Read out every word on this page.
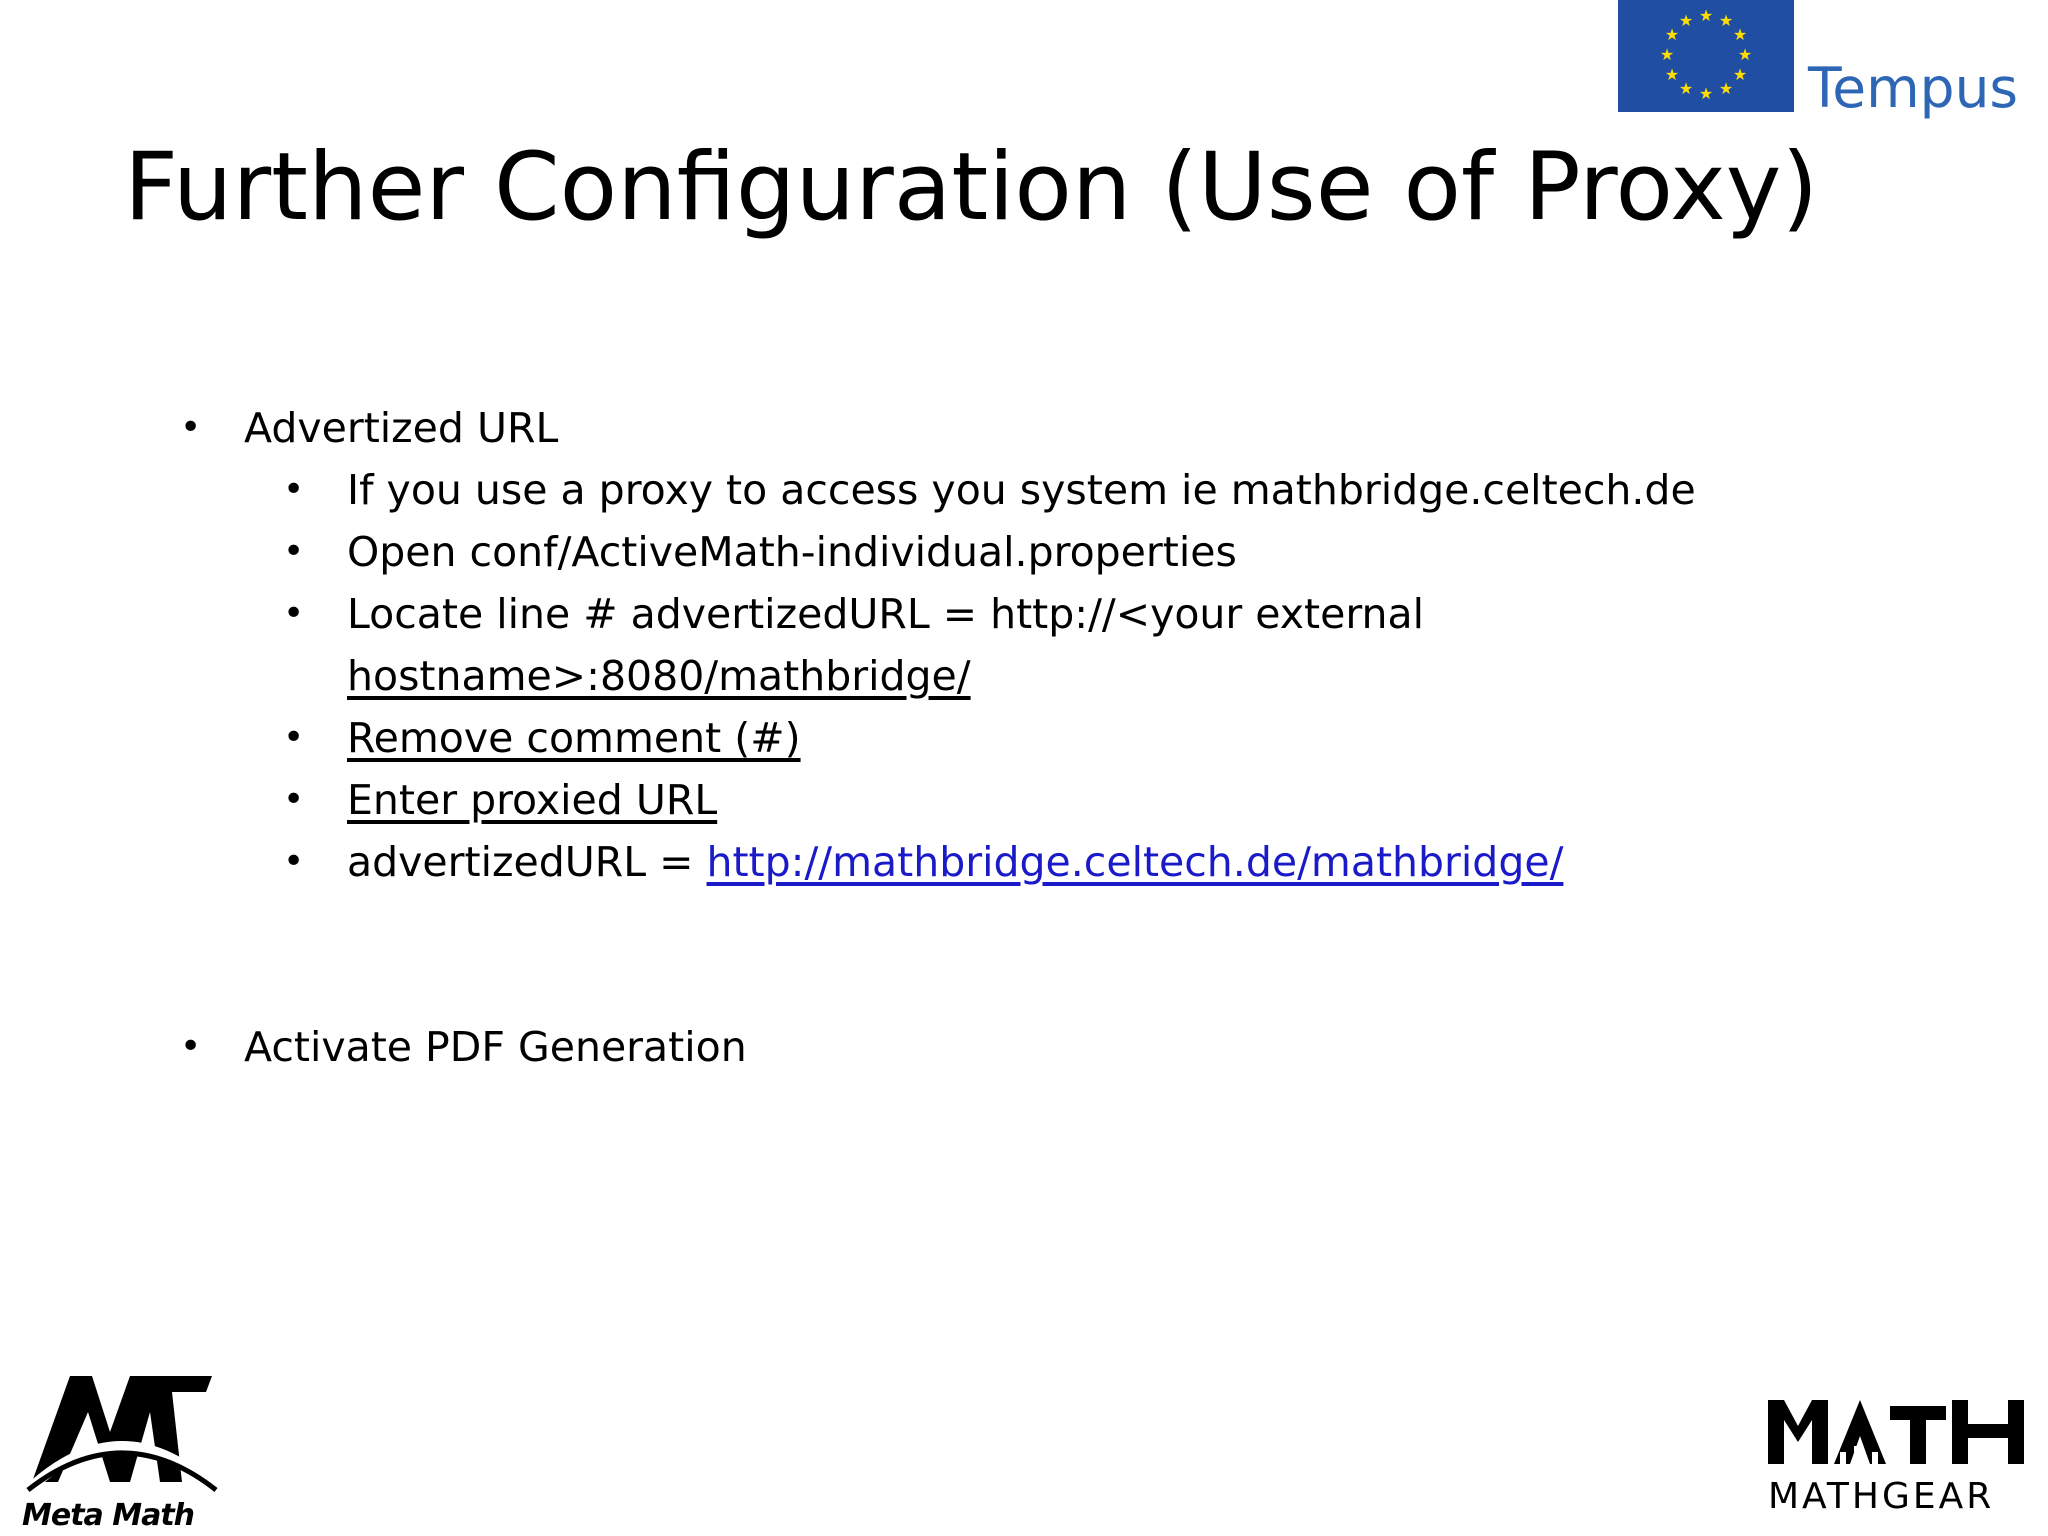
★ ★
★
★
★
★
★
★
★
★
★
★
Tempus
Further Configuration (Use of Proxy)
• Advertized URL
• If you use a proxy to access you system ie mathbridge.celtech.de
• Open conf/ActiveMath-individual.properties
• Locate line # advertizedURL = http://<your external
hostname>:8080/mathbridge/
• Remove comment (#)
• Enter proxied URL
• advertizedURL = http://mathbridge.celtech.de/mathbridge/
• Activate PDF Generation
Meta Math	MATHGEAR
